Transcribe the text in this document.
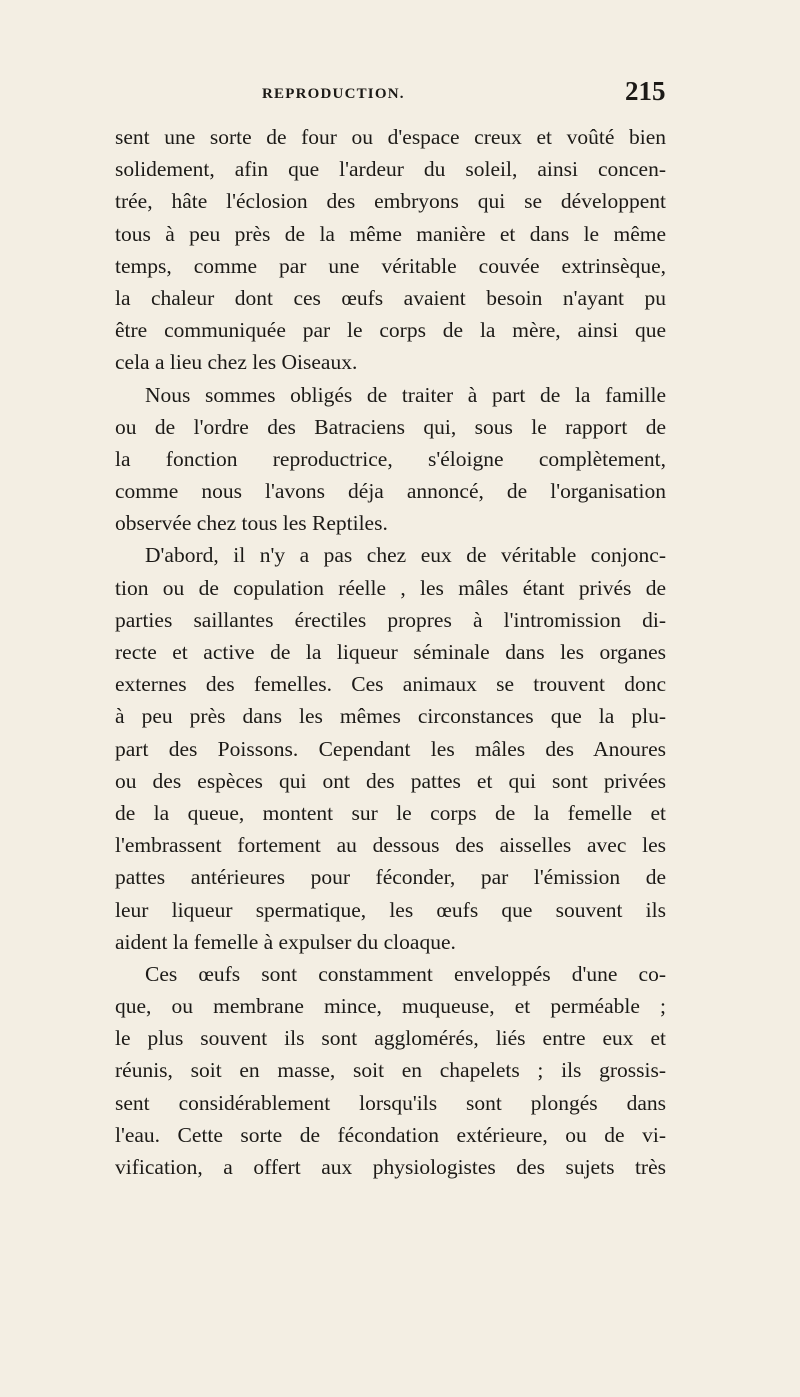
REPRODUCTION.	215
sent une sorte de four ou d'espace creux et voûté bien
solidement, afin que l'ardeur du soleil, ainsi concen-
trée, hâte l'éclosion des embryons qui se développent
tous à peu près de la même manière et dans le même
temps, comme par une véritable couvée extrinsèque,
la chaleur dont ces œufs avaient besoin n'ayant pu
être communiquée par le corps de la mère, ainsi que
cela a lieu chez les Oiseaux.
Nous sommes obligés de traiter à part de la famille
ou de l'ordre des Batraciens qui, sous le rapport de
la fonction reproductrice, s'éloigne complètement,
comme nous l'avons déja annoncé, de l'organisation
observée chez tous les Reptiles.
D'abord, il n'y a pas chez eux de véritable conjonc-
tion ou de copulation réelle , les mâles étant privés de
parties saillantes érectiles propres à l'intromission di-
recte et active de la liqueur séminale dans les organes
externes des femelles. Ces animaux se trouvent donc
à peu près dans les mêmes circonstances que la plu-
part des Poissons. Cependant les mâles des Anoures
ou des espèces qui ont des pattes et qui sont privées
de la queue, montent sur le corps de la femelle et
l'embrassent fortement au dessous des aisselles avec les
pattes antérieures pour féconder, par l'émission de
leur liqueur spermatique, les œufs que souvent ils
aident la femelle à expulser du cloaque.
Ces œufs sont constamment enveloppés d'une co-
que, ou membrane mince, muqueuse, et perméable ;
le plus souvent ils sont agglomérés, liés entre eux et
réunis, soit en masse, soit en chapelets ; ils grossis-
sent considérablement lorsqu'ils sont plongés dans
l'eau. Cette sorte de fécondation extérieure, ou de vi-
vification, a offert aux physiologistes des sujets très
